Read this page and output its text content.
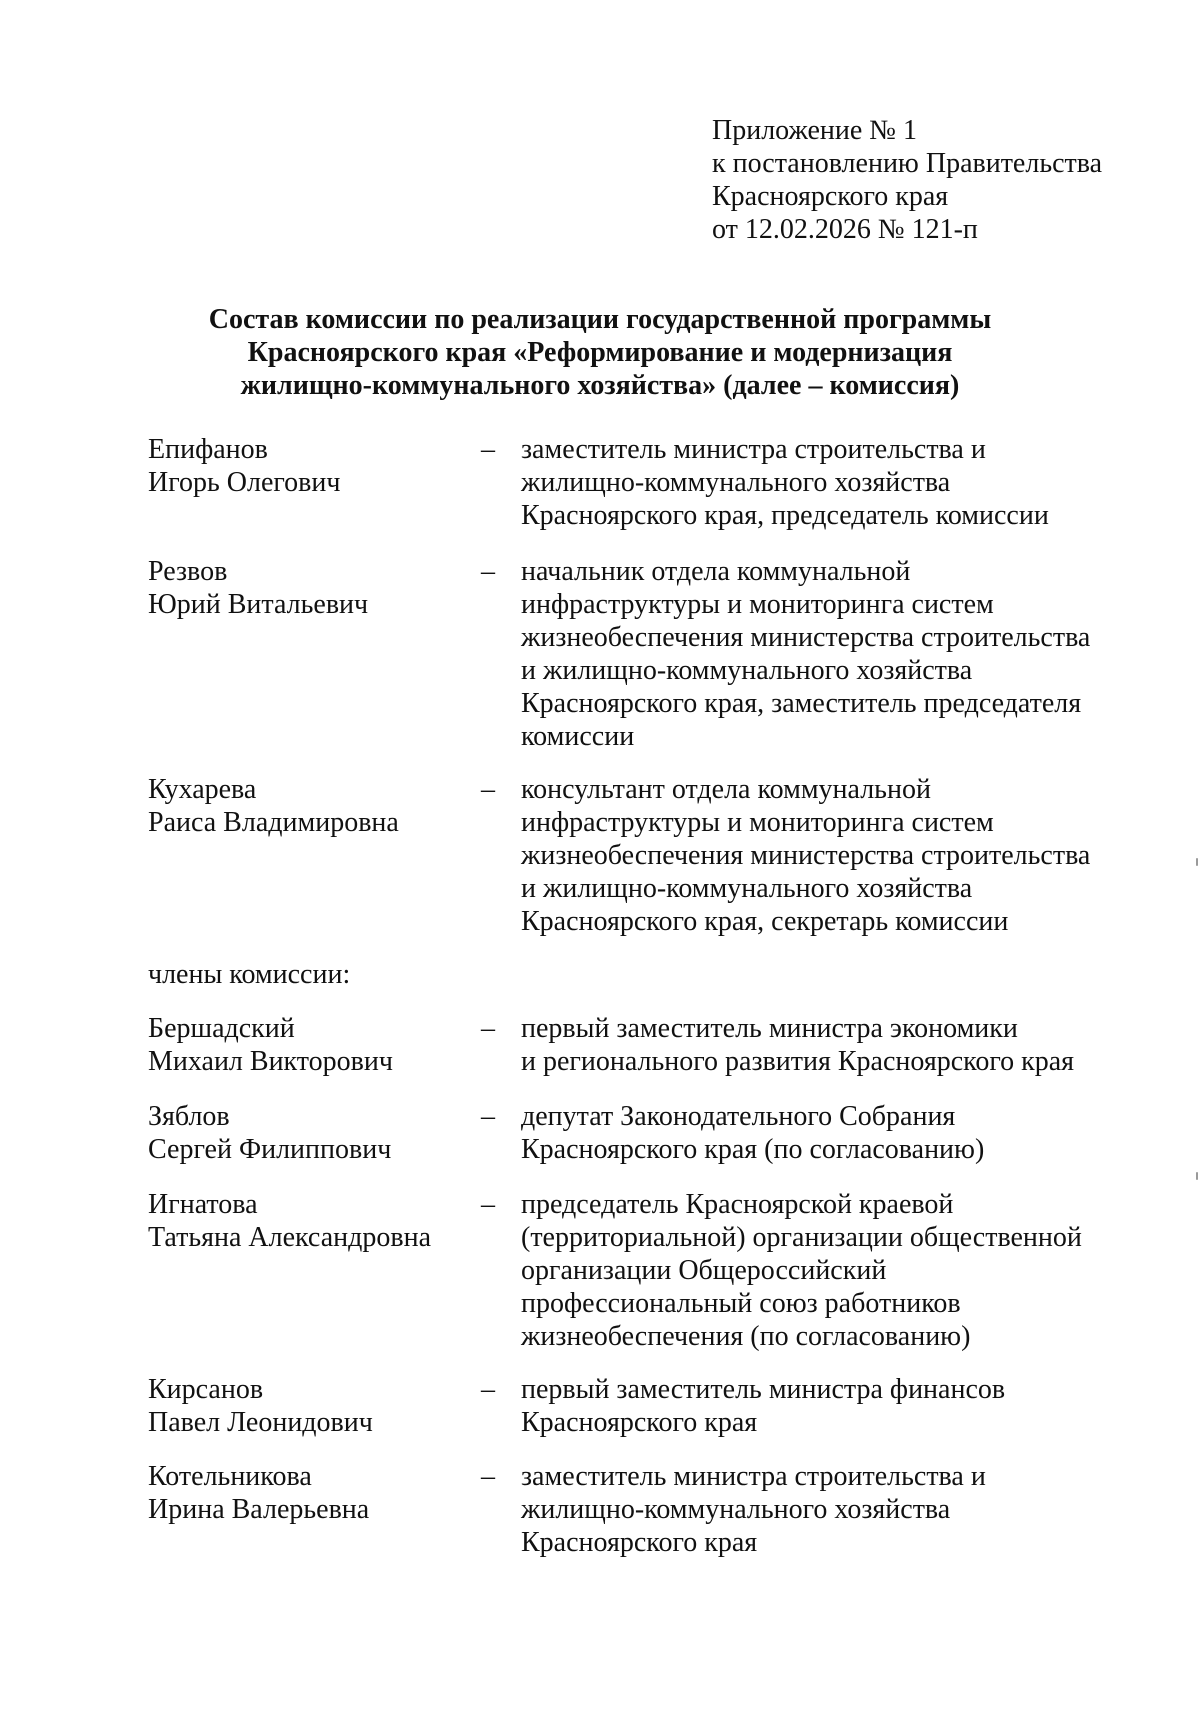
Приложение № 1
к постановлению Правительства
Красноярского края
от 12.02.2026 № 121-п
Состав комиссии по реализации государственной программы
Красноярского края «Реформирование и модернизация
жилищно-коммунального хозяйства» (далее – комиссия)
Епифанов
Игорь Олегович
– заместитель министра строительства и
жилищно-коммунального хозяйства
Красноярского края, председатель комиссии
Резвов
Юрий Витальевич
– начальник отдела коммунальной
инфраструктуры и мониторинга систем
жизнеобеспечения министерства строительства
и жилищно-коммунального хозяйства
Красноярского края, заместитель председателя
комиссии
Кухарева
Раиса Владимировна
– консультант отдела коммунальной
инфраструктуры и мониторинга систем
жизнеобеспечения министерства строительства
и жилищно-коммунального хозяйства
Красноярского края, секретарь комиссии
члены комиссии:
Бершадский
Михаил Викторович
– первый заместитель министра экономики
и регионального развития Красноярского края
Зяблов
Сергей Филиппович
– депутат Законодательного Собрания
Красноярского края (по согласованию)
Игнатова
Татьяна Александровна
– председатель Красноярской краевой
(территориальной) организации общественной
организации Общероссийский
профессиональный союз работников
жизнеобеспечения (по согласованию)
Кирсанов
Павел Леонидович
– первый заместитель министра финансов
Красноярского края
Котельникова
Ирина Валерьевна
– заместитель министра строительства и
жилищно-коммунального хозяйства
Красноярского края
